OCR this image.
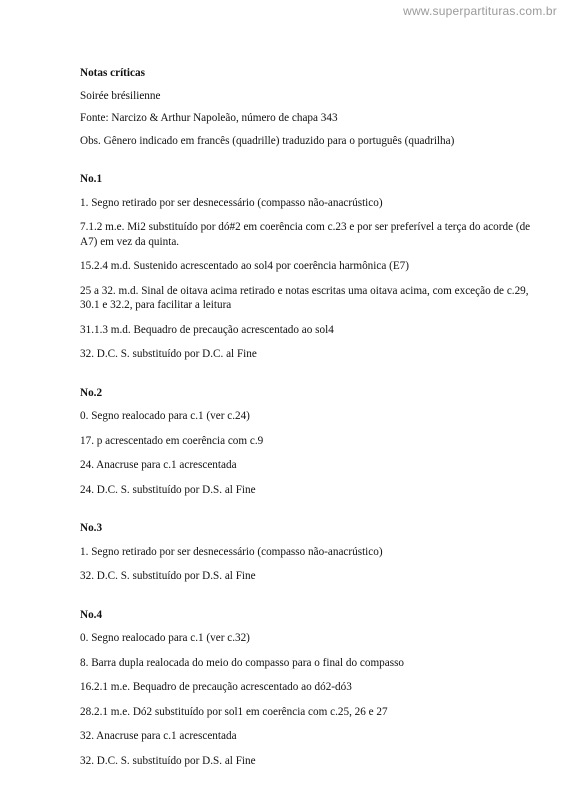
www.superpartituras.com.br
Notas críticas
Soirée brésilienne
Fonte: Narcizo & Arthur Napoleão, número de chapa 343
Obs. Gênero indicado em francês (quadrille) traduzido para o português (quadrilha)
No.1
1. Segno retirado por ser desnecessário (compasso não-anacrústico)
7.1.2 m.e. Mi2 substituído por dó#2 em coerência com c.23 e por ser preferível a terça do acorde (de A7) em vez da quinta.
15.2.4 m.d. Sustenido acrescentado ao sol4 por coerência harmônica (E7)
25 a 32. m.d. Sinal de oitava acima retirado e notas escritas uma oitava acima, com exceção de c.29, 30.1 e 32.2, para facilitar a leitura
31.1.3 m.d. Bequadro de precaução acrescentado ao sol4
32. D.C. S. substituído por D.C. al Fine
No.2
0. Segno realocado para c.1 (ver c.24)
17. p acrescentado em coerência com c.9
24. Anacruse para c.1 acrescentada
24. D.C. S. substituído por D.S. al Fine
No.3
1. Segno retirado por ser desnecessário (compasso não-anacrústico)
32. D.C. S. substituído por D.S. al Fine
No.4
0. Segno realocado para c.1 (ver c.32)
8. Barra dupla realocada do meio do compasso para o final do compasso
16.2.1 m.e. Bequadro de precaução acrescentado ao dó2-dó3
28.2.1 m.e. Dó2 substituído por sol1 em coerência com c.25, 26 e 27
32. Anacruse para c.1 acrescentada
32. D.C. S. substituído por D.S. al Fine
